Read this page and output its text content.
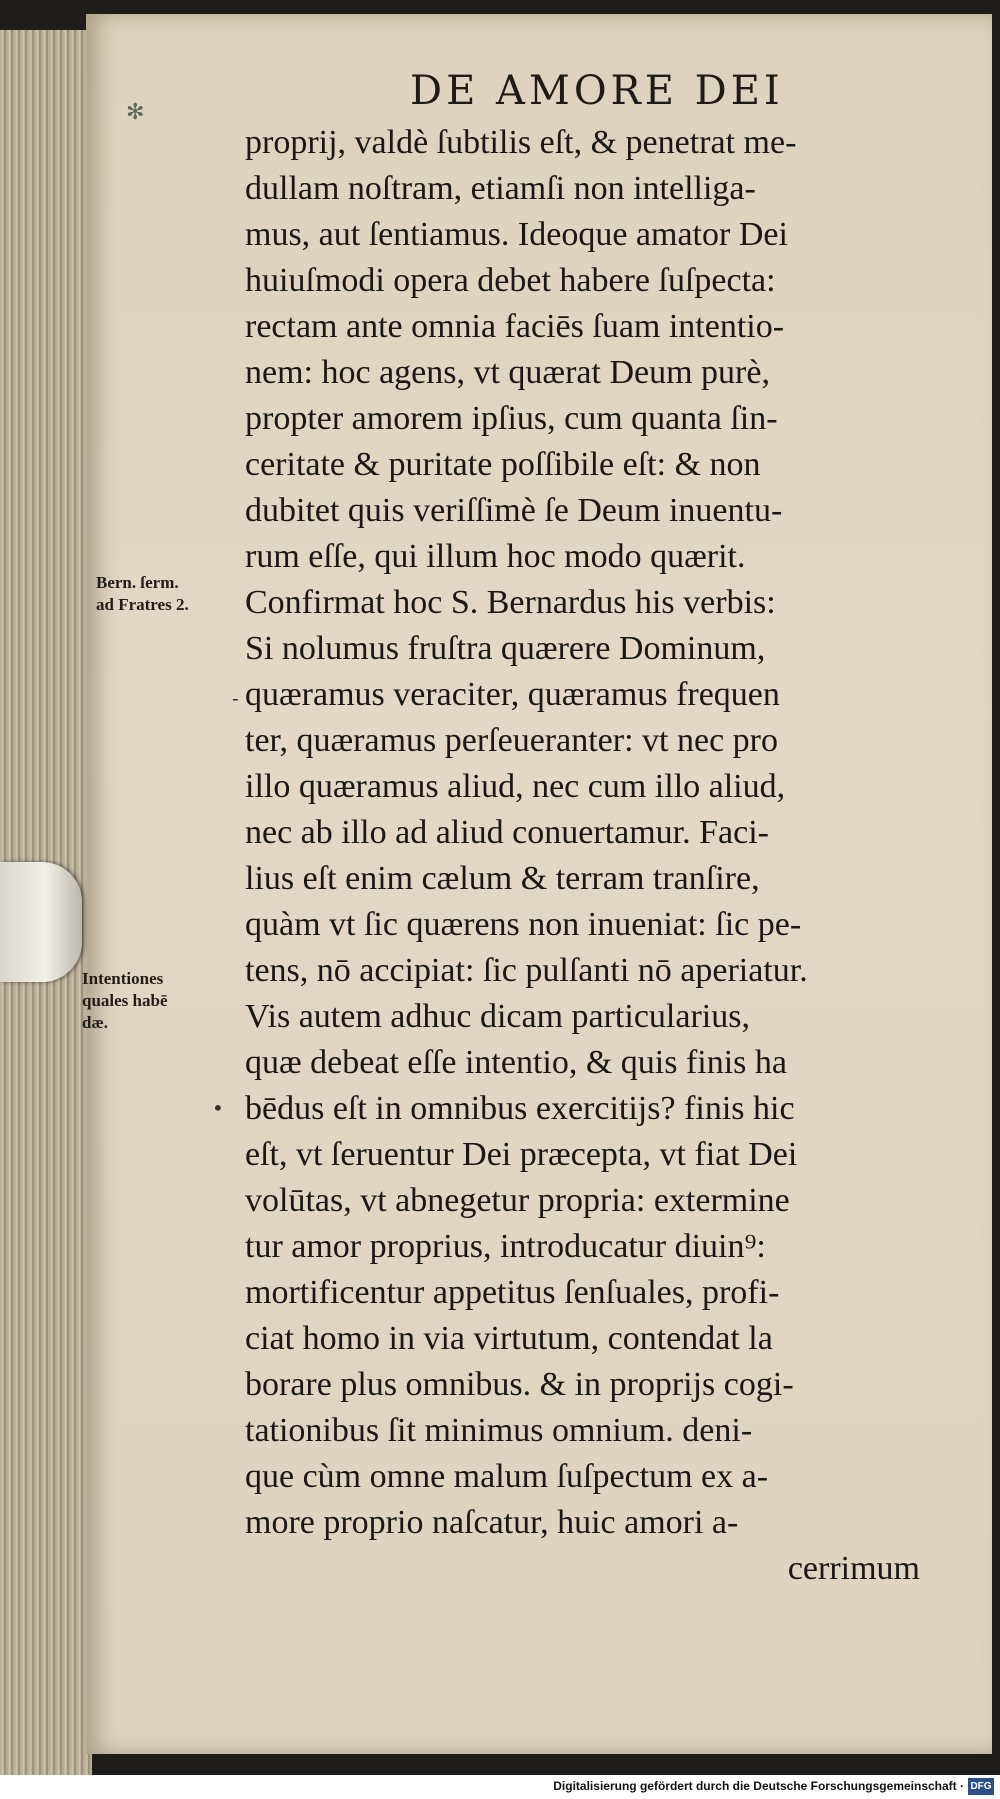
✻	DE AMORE DEI
proprij, valdè ſubtilis eſt, & penetrat me-
dullam noſtram, etiamſi non intelliga-
mus, aut ſentiamus. Ideoque amator Dei
huiuſmodi opera debet habere ſuſpecta:
rectam ante omnia faciēs ſuam intentio-
nem: hoc agens, vt quærat Deum purè,
propter amorem ipſius, cum quanta ſin-
ceritate & puritate poſſibile eſt: & non
dubitet quis veriſſimè ſe Deum inuentu-
rum eſſe, qui illum hoc modo quærit.
Confirmat hoc S. Bernardus his verbis:
Si nolumus fruſtra quærere Dominum,
quæramus veraciter, quæramus frequen
ter, quæramus perſeueranter: vt nec pro
illo quæramus aliud, nec cum illo aliud,
nec ab illo ad aliud conuertamur. Faci-
lius eſt enim cælum & terram tranſire,
quàm vt ſic quærens non inueniat: ſic pe-
tens, nō accipiat: ſic pulſanti nō aperiatur.
Vis autem adhuc dicam particularius,
quæ debeat eſſe intentio, & quis finis ha
bēdus eſt in omnibus exercitijs? finis hic
eſt, vt ſeruentur Dei præcepta, vt fiat Dei
volūtas, vt abnegetur propria: extermine
tur amor proprius, introducatur diuin⁹:
mortificentur appetitus ſenſuales, profi-
ciat homo in via virtutum, contendat la
borare plus omnibus. & in proprijs cogi-
tationibus ſit minimus omnium. deni-
que cùm omne malum ſuſpectum ex a-
more proprio naſcatur, huic amori a-
cerrimum
Bern. ſerm.
ad Fratres 2.
Intentiones
quales habē
dæ.
-
•
Digitalisierung gefördert durch die Deutsche Forschungsgemeinschaft · DFG
